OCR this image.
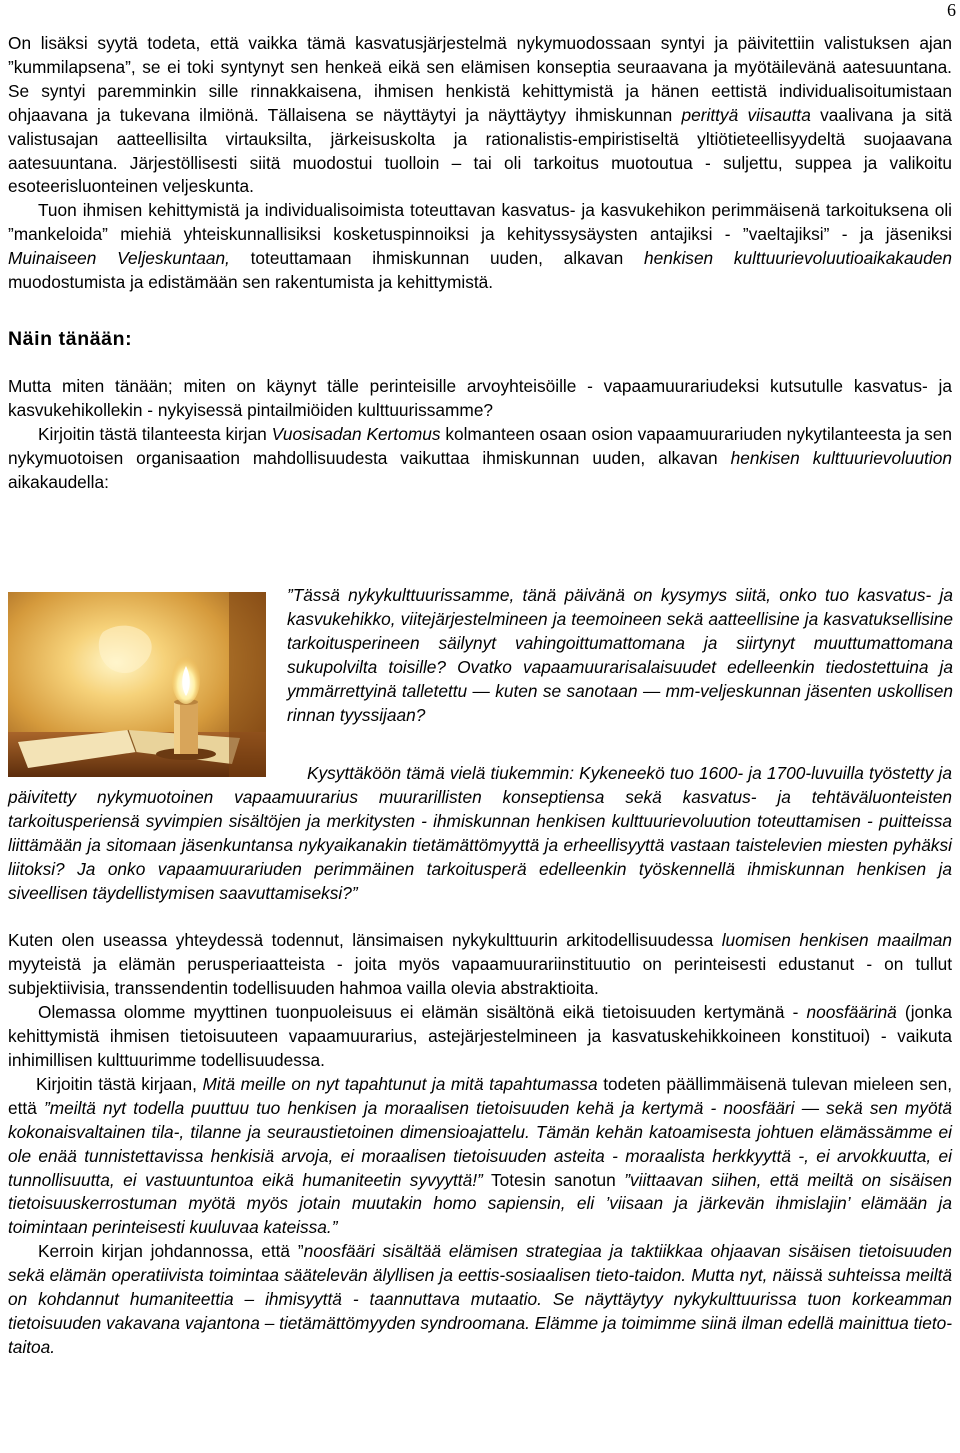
6

On lisäksi syytä todeta, että vaikka tämä kasvatusjärjestelmä nykymuodossaan syntyi ja päivitettiin valistuksen ajan ”kummilapsena”, se ei toki syntynyt sen henkeä eikä sen elämisen konseptia seuraavana ja myötäilevänä aatesuuntana. Se syntyi paremminkin sille rinnakkaisena, ihmisen henkistä kehittymistä ja hänen eettistä individualisoitumistaan ohjaavana ja tukevana ilmiönä. Tällaisena se näyttäytyi ja näyttäytyy ihmiskunnan perittyä viisautta vaalivana ja sitä valistusajan aatteellisilta virtauksilta, järkeisuskolta ja rationalistis-empiristiseltä yltiötieteellisyydeltä suojaavana aatesuuntana. Järjestöllisesti siitä muodostui tuolloin – tai oli tarkoitus muotoutua - suljettu, suppea ja valikoitu esoteerisluonteinen veljeskunta.

Tuon ihmisen kehittymistä ja individualisoimista toteuttavan kasvatus- ja kasvukehikon perimmäisenä tarkoituksena oli ”mankeloida” miehiä yhteiskunnallisiksi kosketuspinnoiksi ja kehityssysäysten antajiksi - ”vaeltajiksi” - ja jäseniksi Muinaiseen Veljeskuntaan, toteuttamaan ihmiskunnan uuden, alkavan henkisen kulttuurievoluutioaikakauden muodostumista ja edistämään sen rakentumista ja kehittymistä.

Näin tänään:

Mutta miten tänään; miten on käynyt tälle perinteisille arvoyhteisöille - vapaamuurariudeksi kutsutulle kasvatus- ja kasvukehikollekin - nykyisessä pintailmiöiden kulttuurissamme?

Kirjoitin tästä tilanteesta kirjan Vuosisadan Kertomus kolmanteen osaan osion vapaamuurariuden nykytilanteesta ja sen nykymuotoisen organisaation mahdollisuudesta vaikuttaa ihmiskunnan uuden, alkavan henkisen kulttuurievoluution aikakaudella:

”Tässä nykykulttuurissamme, tänä päivänä on kysymys siitä, onko tuo kasvatus- ja kasvukehikko, viitejärjestelmineen ja teemoineen sekä aatteellisine ja kasvatuksellisine tarkoitusperineen säilynyt vahingoittumattomana ja siirtynyt muuttumattomana sukupolvilta toisille? Ovatko vapaamuurarisalaisuudet edelleenkin tiedostettuina ja ymmärrettyinä talletettu — kuten se sanotaan — mm-veljeskunnan jäsenten uskollisen rinnan tyyssijaan?

Kysyttäköön tämä vielä tiukemmin: Kykeneekö tuo 1600- ja 1700-luvuilla työstetty ja päivitetty nykymuotoinen vapaamuurarius muurarillisten konseptiensa sekä kasvatus- ja tehtäväluonteisten tarkoitusperiensä syvimpien sisältöjen ja merkitysten - ihmiskunnan henkisen kulttuurievoluution toteuttamisen - puitteissa liittämään ja sitomaan jäsenkuntansa nykyaikanakin tietämättömyyttä ja erheellisyyttä vastaan taistelevien miesten pyhäksi liitoksi? Ja onko vapaamuurariuden perimmäinen tarkoitusperä edelleenkin työskennellä ihmiskunnan henkisen ja siveellisen täydellistymisen saavuttamiseksi?”

Kuten olen useassa yhteydessä todennut, länsimaisen nykykulttuurin arkitodellisuudessa luomisen henkisen maailman myyteistä ja elämän perusperiaatteista - joita myös vapaamuurariinstituutio on perinteisesti edustanut - on tullut subjektiivisia, transsendentin todellisuuden hahmoa vailla olevia abstraktioita.

Olemassa olomme myyttinen tuonpuoleisuus ei elämän sisältönä eikä tietoisuuden kertymänä - noosfäärinä (jonka kehittymistä ihmisen tietoisuuteen vapaamuurarius, astejärjestelmineen ja kasvatuskehikkoineen konstituoi) - vaikuta inhimillisen kulttuurimme todellisuudessa.

Kirjoitin tästä kirjaan, Mitä meille on nyt tapahtunut ja mitä tapahtumassa todeten päällimmäisenä tulevan mieleen sen, että ”meiltä nyt todella puuttuu tuo henkisen ja moraalisen tietoisuuden kehä ja kertymä - noosfääri — sekä sen myötä kokonaisvaltainen tila-, tilanne ja seuraustietoinen dimensioajattelu. Tämän kehän katoamisesta johtuen elämässämme ei ole enää tunnistettavissa henkisiä arvoja, ei moraalisen tietoisuuden asteita - moraalista herkkyyttä -, ei arvokkuutta, ei tunnollisuutta, ei vastuuntuntoa eikä humaniteetin syvyyttä!” Totesin sanotun ”viittaavan siihen, että meiltä on sisäisen tietoisuuskerrostuman myötä myös jotain muutakin homo sapiensin, eli ’viisaan ja järkevän ihmislajin’ elämään ja toimintaan perinteisesti kuuluvaa kateissa.”

Kerroin kirjan johdannossa, että ”noosfääri sisältää elämisen strategiaa ja taktiikkaa ohjaavan sisäisen tietoisuuden sekä elämän operatiivista toimintaa säätelevän älyllisen ja eettis-sosiaalisen tieto-taidon. Mutta nyt, näissä suhteissa meiltä on kohdannut humaniteettia – ihmisyyttä - taannuttava mutaatio. Se näyttäytyy nykykulttuurissa tuon korkeamman tietoisuuden vakavana vajantona – tietämättömyyden syndroomana. Elämme ja toimimme siinä ilman edellä mainittua tieto-taitoa.
